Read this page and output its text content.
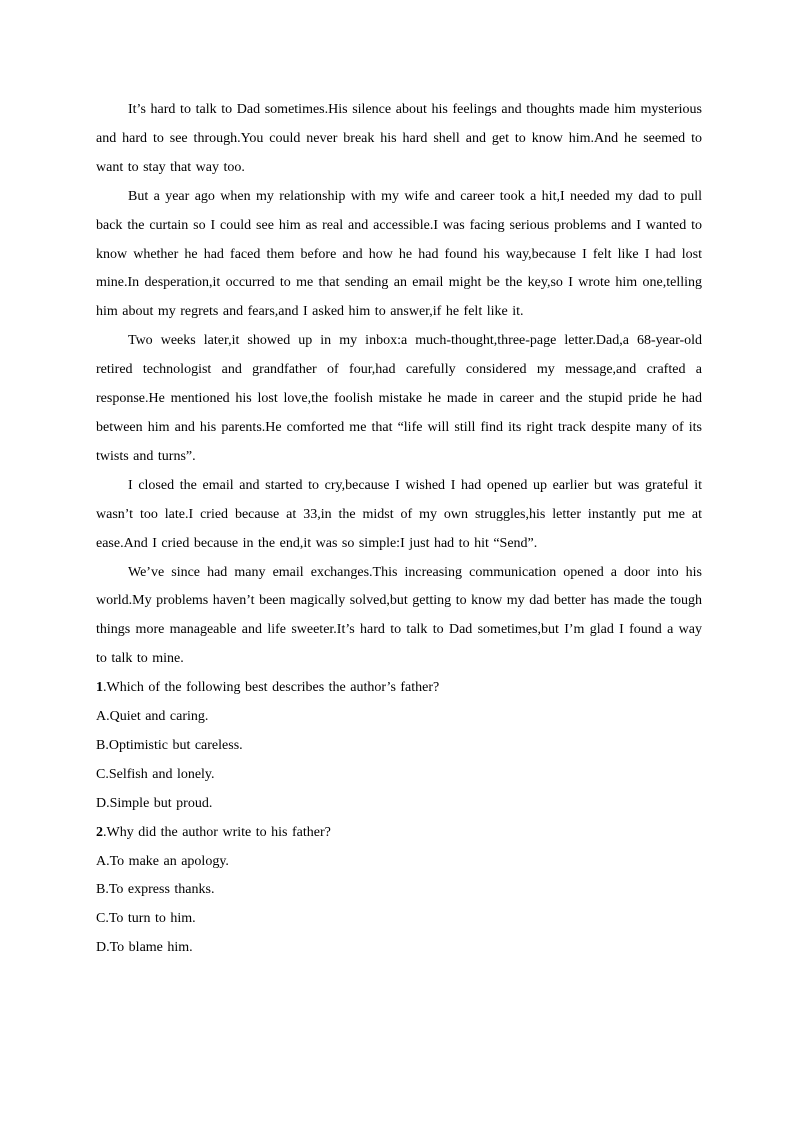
It’s hard to talk to Dad sometimes.His silence about his feelings and thoughts made him mysterious and hard to see through.You could never break his hard shell and get to know him.And he seemed to want to stay that way too.

But a year ago when my relationship with my wife and career took a hit,I needed my dad to pull back the curtain so I could see him as real and accessible.I was facing serious problems and I wanted to know whether he had faced them before and how he had found his way,because I felt like I had lost mine.In desperation,it occurred to me that sending an email might be the key,so I wrote him one,telling him about my regrets and fears,and I asked him to answer,if he felt like it.

Two weeks later,it showed up in my inbox:a much-thought,three-page letter.Dad,a 68-year-old retired technologist and grandfather of four,had carefully considered my message,and crafted a response.He mentioned his lost love,the foolish mistake he made in career and the stupid pride he had between him and his parents.He comforted me that “life will still find its right track despite many of its twists and turns”.

I closed the email and started to cry,because I wished I had opened up earlier but was grateful it wasn’t too late.I cried because at 33,in the midst of my own struggles,his letter instantly put me at ease.And I cried because in the end,it was so simple:I just had to hit “Send”.

We’ve since had many email exchanges.This increasing communication opened a door into his world.My problems haven’t been magically solved,but getting to know my dad better has made the tough things more manageable and life sweeter.It’s hard to talk to Dad sometimes,but I’m glad I found a way to talk to mine.

1.Which of the following best describes the author’s father?

A.Quiet and caring.

B.Optimistic but careless.

C.Selfish and lonely.

D.Simple but proud.

2.Why did the author write to his father?

A.To make an apology.

B.To express thanks.

C.To turn to him.

D.To blame him.
